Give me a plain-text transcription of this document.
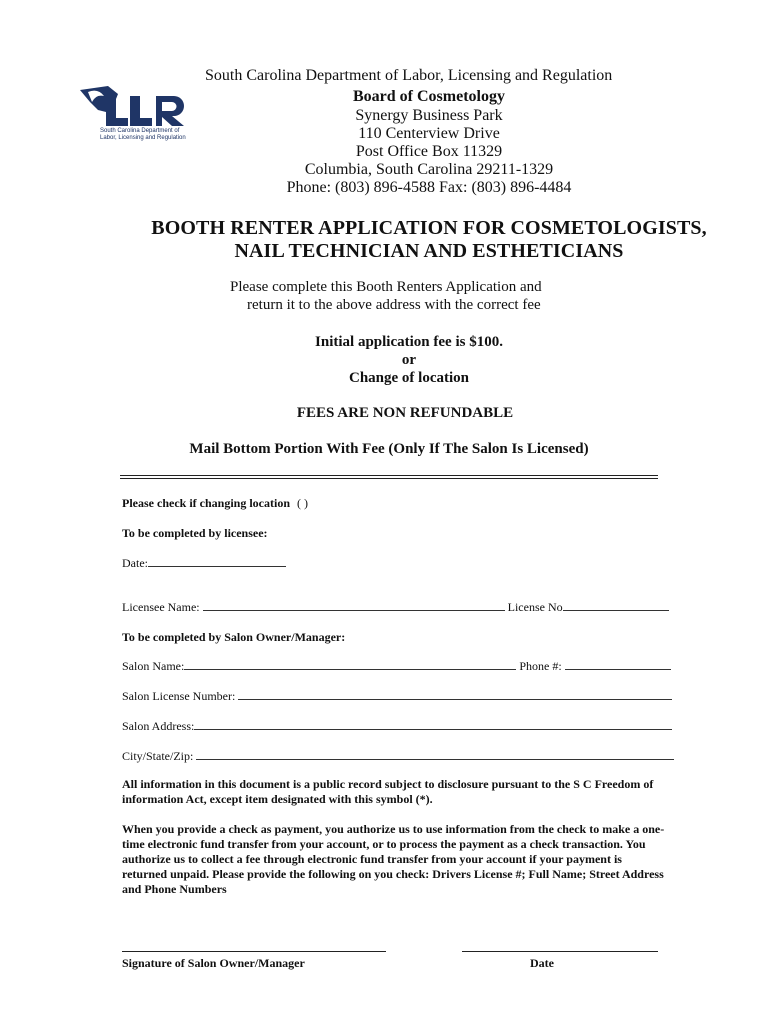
South Carolina Department of
Labor, Licensing and Regulation
South Carolina Department of Labor, Licensing and Regulation
Board of Cosmetology
Synergy Business Park
110 Centerview Drive
Post Office Box 11329
Columbia, South Carolina 29211-1329
Phone: (803) 896-4588 Fax: (803) 896-4484
BOOTH RENTER APPLICATION FOR COSMETOLOGISTS,
NAIL TECHNICIAN AND ESTHETICIANS
Please complete this Booth Renters Application and
return it to the above address with the correct fee
Initial application fee is $100.
or
Change of location
FEES ARE NON REFUNDABLE
Mail Bottom Portion With Fee (Only If The Salon Is Licensed)
Please check if changing location ( )
To be completed by licensee:
Date:
Licensee Name:	License No
To be completed by Salon Owner/Manager:
Salon Name:	Phone #:
Salon License Number:
Salon Address:
City/State/Zip:
All information in this document is a public record subject to disclosure pursuant to the S C Freedom of information Act, except item designated with this symbol (*).
When you provide a check as payment, you authorize us to use information from the check to make a one-time electronic fund transfer from your account, or to process the payment as a check transaction. You authorize us to collect a fee through electronic fund transfer from your account if your payment is returned unpaid. Please provide the following on you check: Drivers License #; Full Name; Street Address and Phone Numbers
Signature of Salon Owner/Manager	Date
